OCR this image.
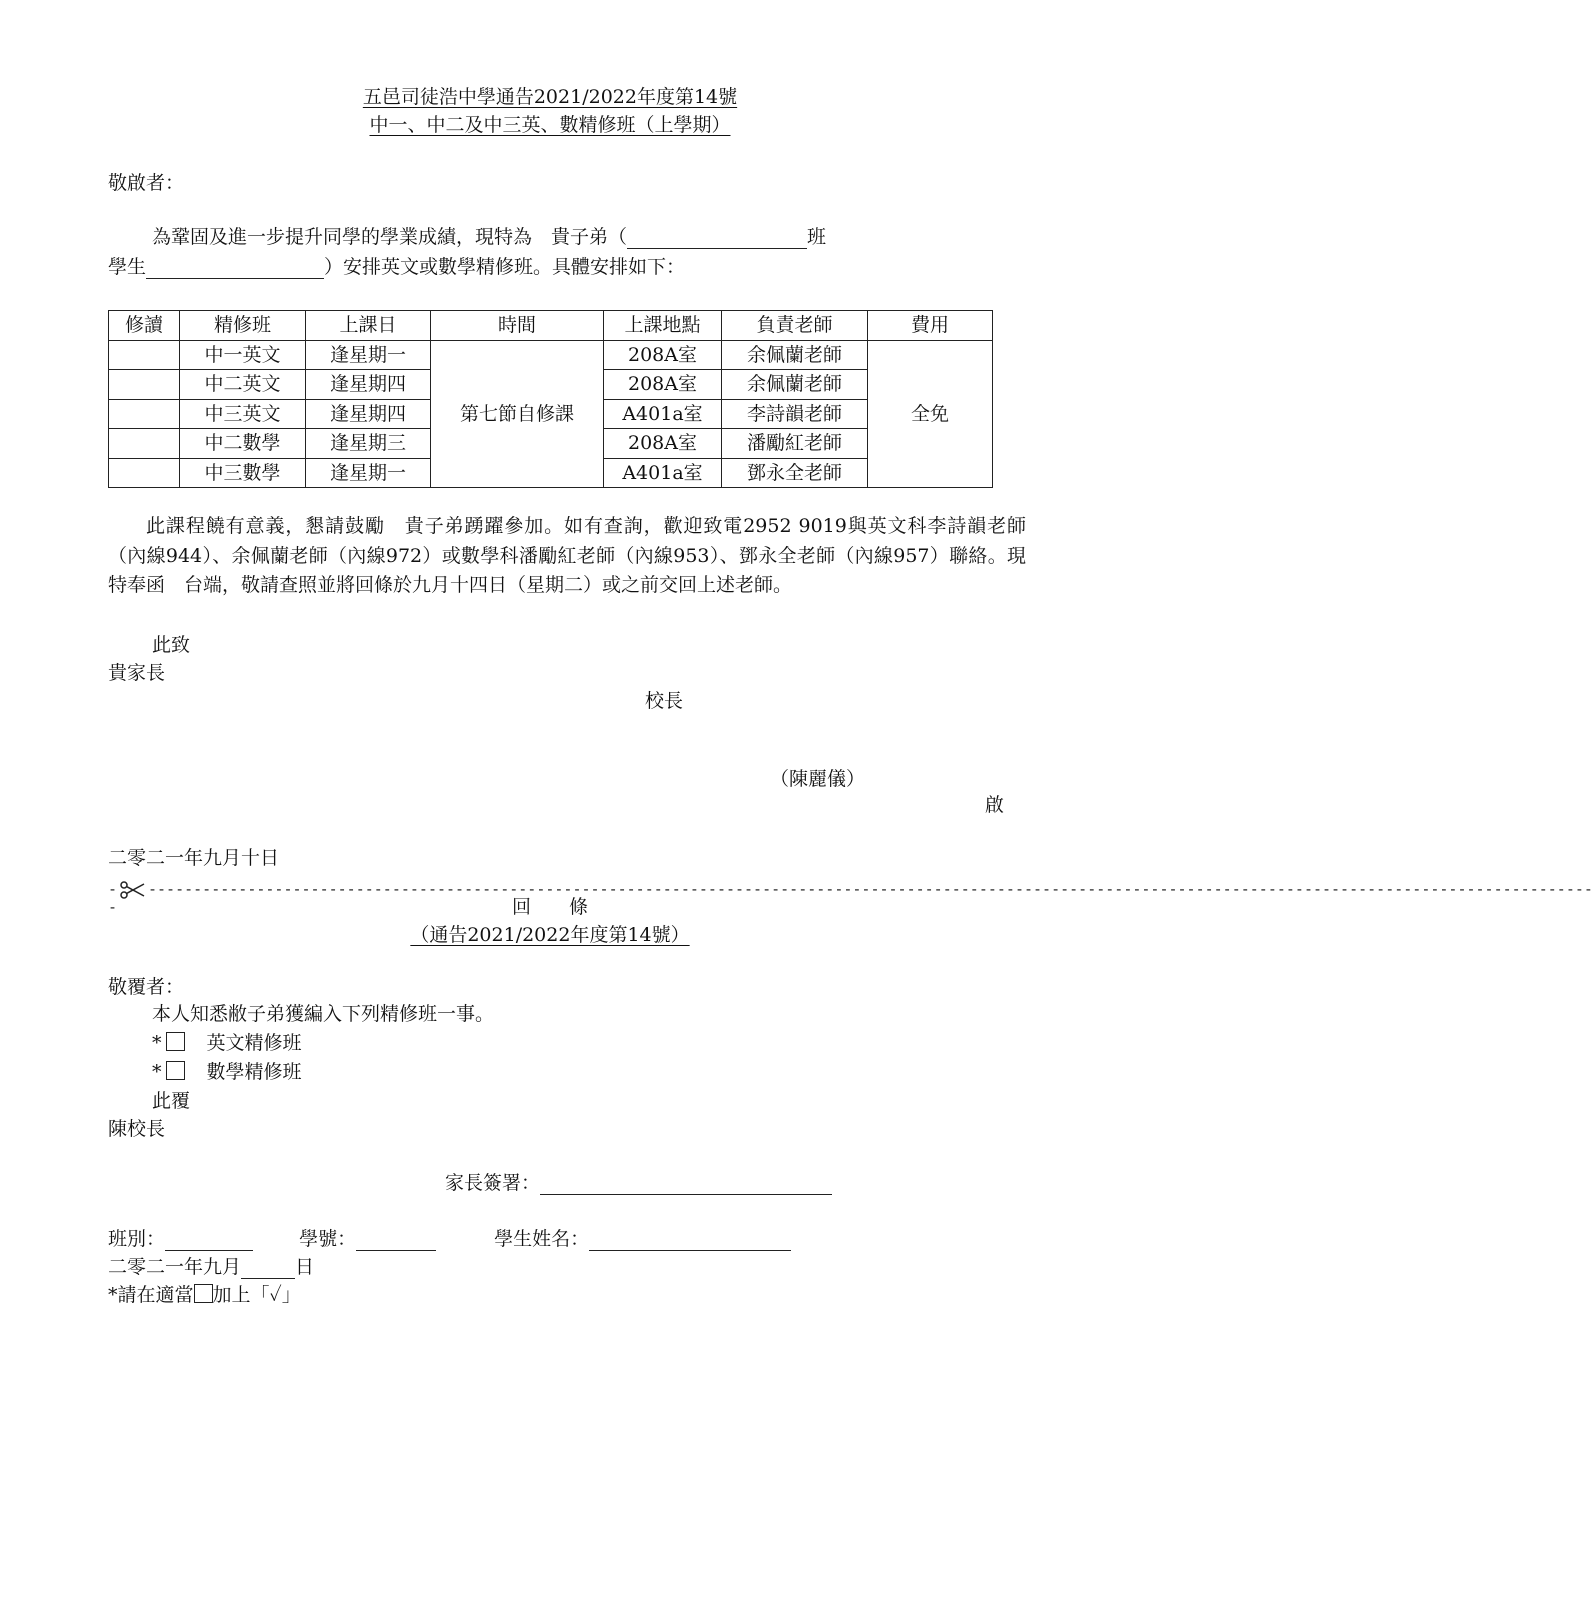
五邑司徒浩中學通告2021/2022年度第14號
中一、中二及中三英、數精修班（上學期）
敬啟者：
為鞏固及進一步提升同學的學業成績，現特為　貴子弟（	班
學生	）安排英文或數學精修班。具體安排如下：
修讀	精修班	上課日	時間	上課地點	負責老師	費用
	中一英文	逢星期一	第七節自修課	208A室	余佩蘭老師	全免
	中二英文	逢星期四		208A室	余佩蘭老師	
	中三英文	逢星期四		A401a室	李詩韻老師	
	中二數學	逢星期三		208A室	潘勵紅老師	
	中三數學	逢星期一		A401a室	鄧永全老師	
此課程饒有意義，懇請鼓勵　貴子弟踴躍參加。如有查詢，歡迎致電2952 9019與英文科李詩韻老師（內線944）、余佩蘭老師（內線972）或數學科潘勵紅老師（內線953）、鄧永全老師（內線957）聯絡。現特奉函　台端，敬請查照並將回條於九月十四日（星期二）或之前交回上述老師。
此致
貴家長
校長
（陳麗儀）
啟
二零二一年九月十日
--
----------------------------------------------------------------------------------------------------------------------------------------------------------------
回　　條
（通告2021/2022年度第14號）
敬覆者：
本人知悉敝子弟獲編入下列精修班一事。
* 英文精修班
* 數學精修班
此覆
陳校長
家長簽署：
班別：	學號：	學生姓名：
二零二一年九月	日
*請在適當 加上「✓」
